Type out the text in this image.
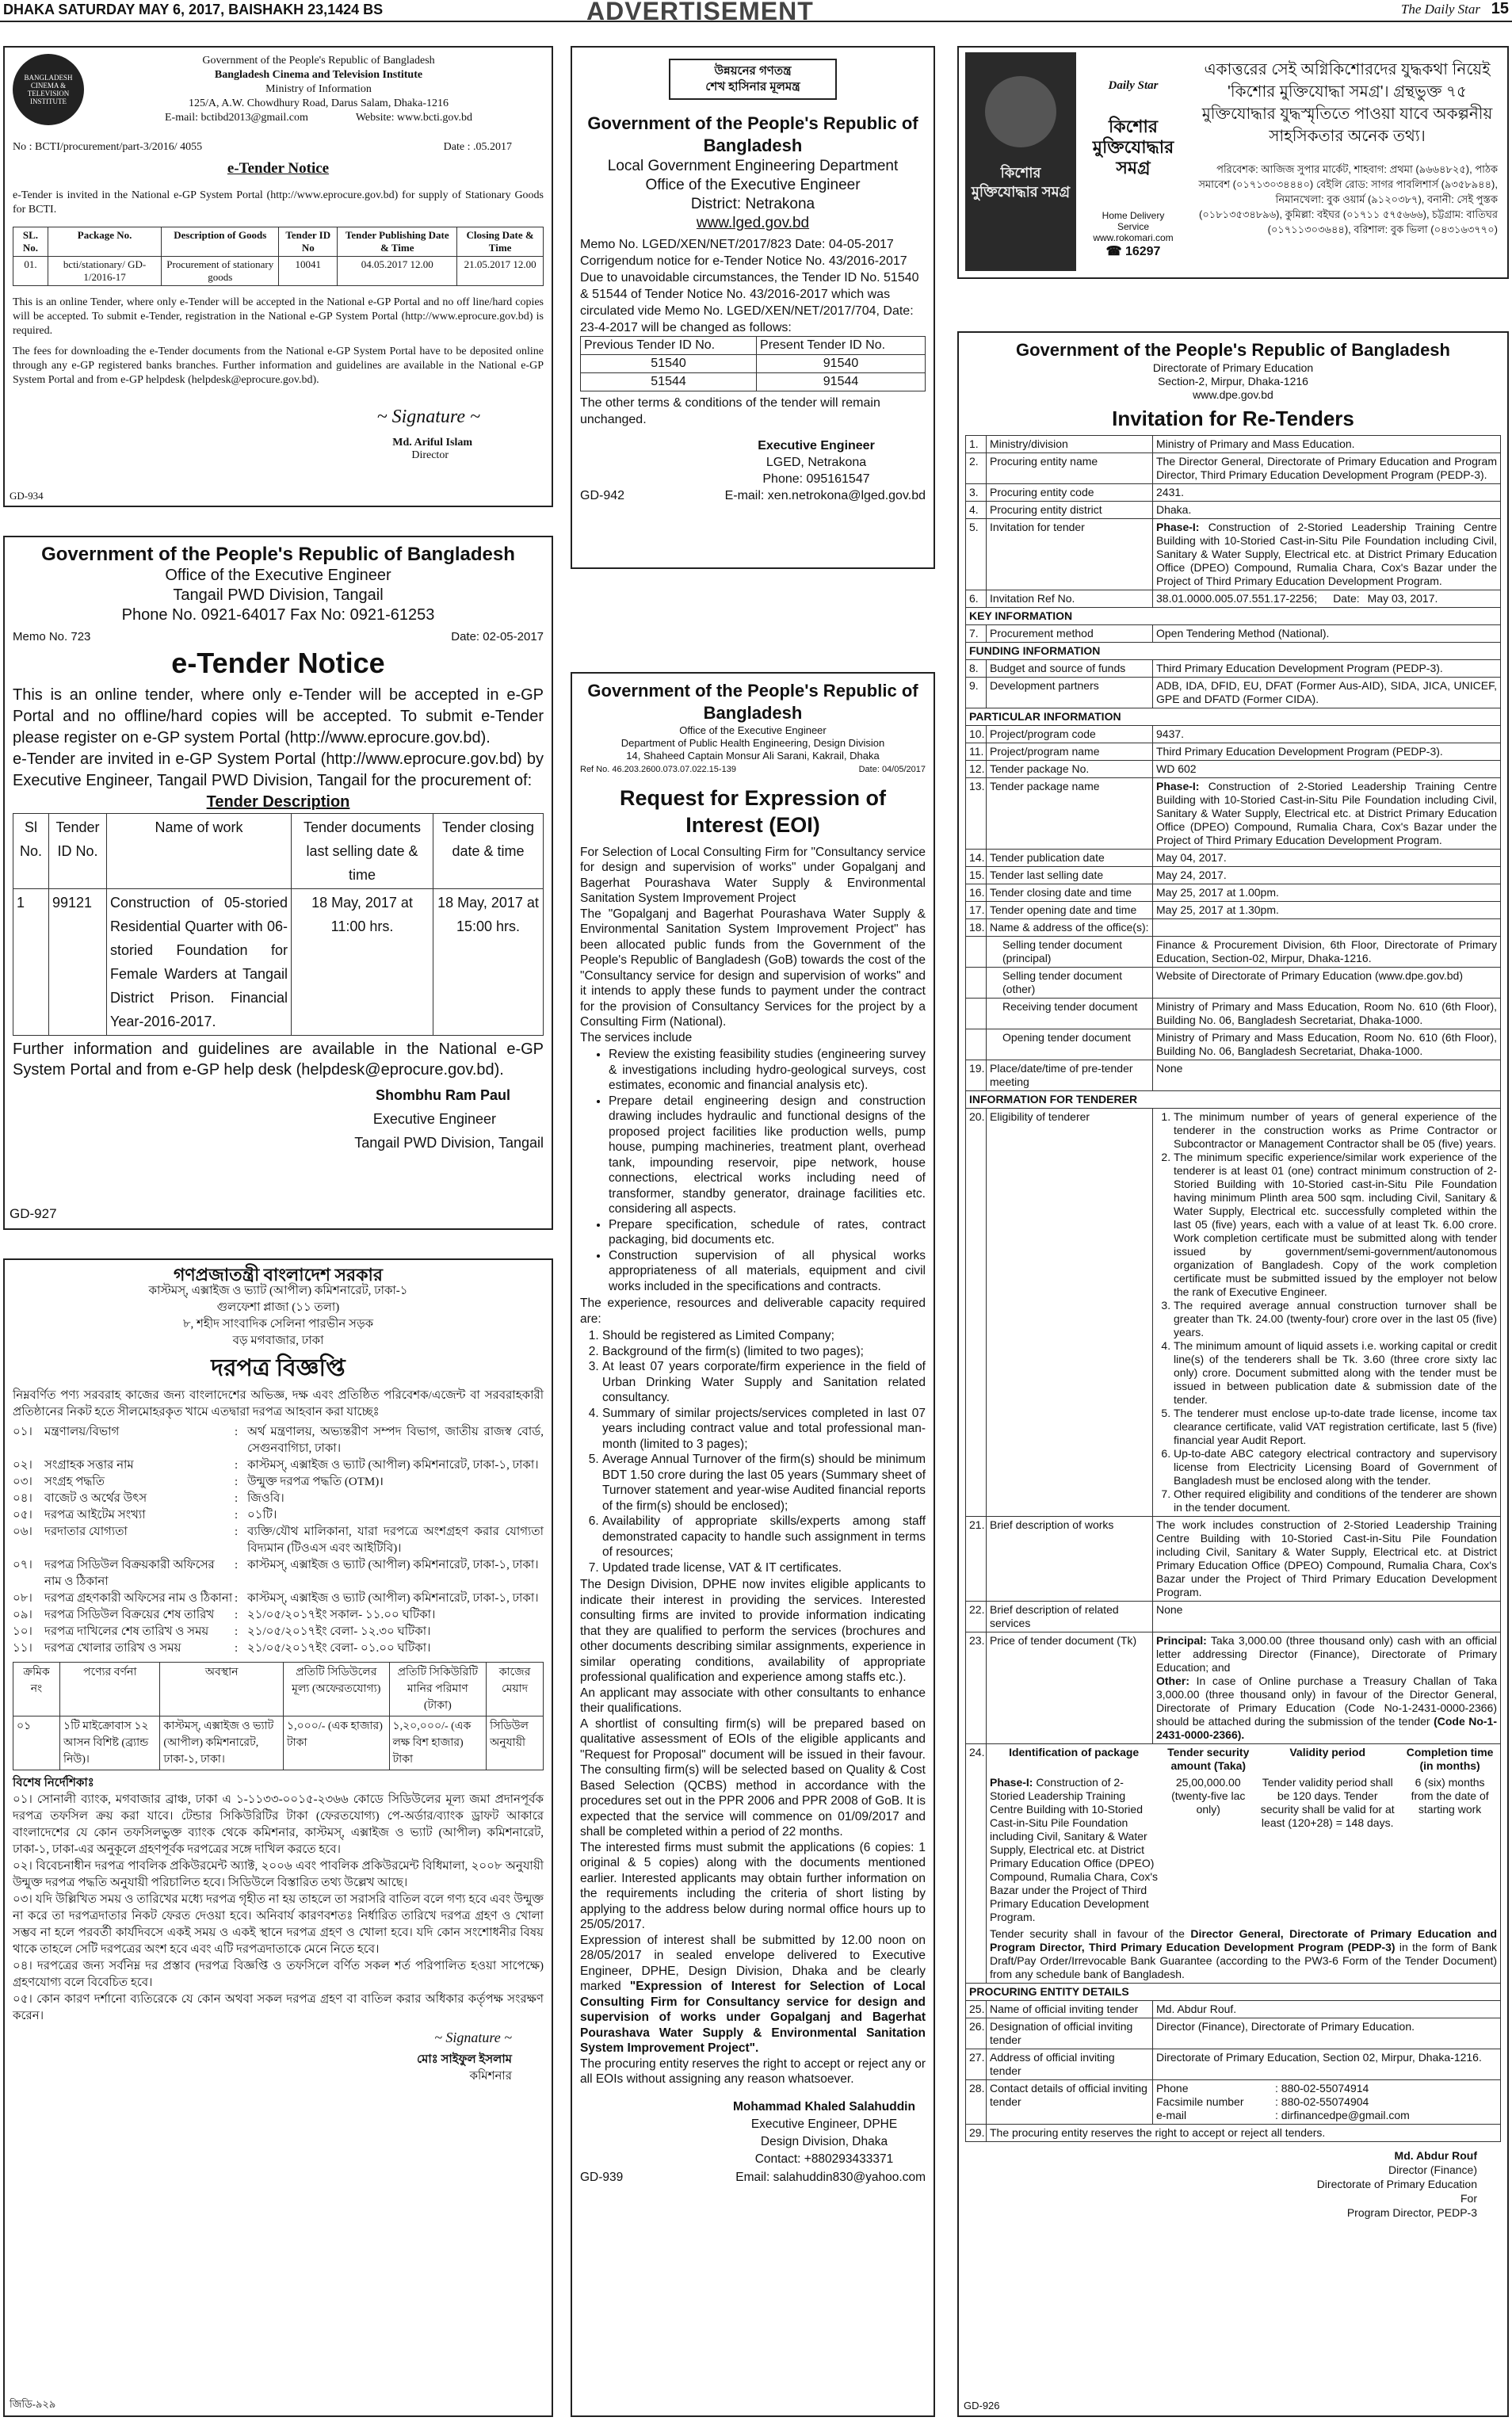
DHAKA SATURDAY MAY 6, 2017, BAISHAKH 23,1424 BS	ADVERTISEMENT	The Daily Star 15
BANGLADESH CINEMA & TELEVISION INSTITUTE
Government of the People's Republic of Bangladesh
Bangladesh Cinema and Television Institute
Ministry of Information
125/A, A.W. Chowdhury Road, Darus Salam, Dhaka-1216
E-mail: bctibd2013@gmail.com	Website: www.bcti.gov.bd
No : BCTI/procurement/part-3/2016/ 4055	Date : .05.2017
e-Tender Notice
e-Tender is invited in the National e-GP System Portal (http://www.eprocure.gov.bd) for supply of Stationary Goods for BCTI.
SL. No.	Package No.	Description of Goods	Tender ID No	Tender Publishing Date & Time	Closing Date & Time
01.	bcti/stationary/ GD-1/2016-17	Procurement of stationary goods	10041	04.05.2017 12.00	21.05.2017 12.00
This is an online Tender, where only e-Tender will be accepted in the National e-GP Portal and no off line/hard copies will be accepted. To submit e-Tender, registration in the National e-GP System Portal (http://www.eprocure.gov.bd) is required.
The fees for downloading the e-Tender documents from the National e-GP System Portal have to be deposited online through any e-GP registered banks branches. Further information and guidelines are available in the National e-GP System Portal and from e-GP helpdesk (helpdesk@eprocure.gov.bd).
~ Signature ~
Md. Ariful Islam
Director
GD-934
Government of the People's Republic of Bangladesh
Office of the Executive Engineer
Tangail PWD Division, Tangail
Phone No. 0921-64017 Fax No: 0921-61253
Memo No. 723	Date: 02-05-2017
e-Tender Notice
This is an online tender, where only e-Tender will be accepted in e-GP Portal and no offline/hard copies will be accepted. To submit e-Tender please register on e-GP system Portal (http://www.eprocure.gov.bd).
e-Tender are invited in e-GP System Portal (http://www.eprocure.gov.bd) by Executive Engineer, Tangail PWD Division, Tangail for the procurement of:
Tender Description
Sl No.	Tender ID No.	Name of work	Tender documents last selling date & time	Tender closing date & time
1	99121	Construction of 05-storied Residential Quarter with 06-storied Foundation for Female Warders at Tangail District Prison. Financial Year-2016-2017.	18 May, 2017 at 11:00 hrs.	18 May, 2017 at 15:00 hrs.
Further information and guidelines are available in the National e-GP System Portal and from e-GP help desk (helpdesk@eprocure.gov.bd).
Shombhu Ram Paul
Executive Engineer
Tangail PWD Division, Tangail
GD-927
গণপ্রজাতন্ত্রী বাংলাদেশ সরকার
কাস্টমস্‌, এক্সাইজ ও ভ্যাট (আপীল) কমিশনারেট, ঢাকা-১
গুলফেশা প্লাজা (১১ তলা)
৮, শহীদ সাংবাদিক সেলিনা পারভীন সড়ক
বড় মগবাজার, ঢাকা
দরপত্র বিজ্ঞপ্তি
নিম্নবর্ণিত পণ্য সরবরাহ কাজের জন্য বাংলাদেশের অভিজ্ঞ, দক্ষ এবং প্রতিষ্ঠিত পরিবেশক/এজেন্ট বা সরবরাহকারী প্রতিষ্ঠানের নিকট হতে সীলমোহরকৃত খামে এতদ্বারা দরপত্র আহবান করা যাচ্ছেঃ
০১।	মন্ত্রণালয়/বিভাগ	: অর্থ মন্ত্রণালয়, অভ্যন্তরীণ সম্পদ বিভাগ, জাতীয় রাজস্ব বোর্ড, সেগুনবাগিচা, ঢাকা।
০২।	সংগ্রাহক সত্তার নাম	: কাস্টমস্‌, এক্সাইজ ও ভ্যাট (আপীল) কমিশনারেট, ঢাকা-১, ঢাকা।
০৩।	সংগ্রহ পদ্ধতি	: উন্মুক্ত দরপত্র পদ্ধতি (OTM)।
০৪।	বাজেট ও অর্থের উৎস	: জিওবি।
০৫।	দরপত্র আইটেম সংখ্যা	: ০১টি।
০৬।	দরদাতার যোগ্যতা	: ব্যক্তি/যৌথ মালিকানা, যারা দরপত্রে অংশগ্রহণ করার যোগ্যতা বিদ্যমান (টিওএস এবং আইটিবি)।
০৭।	দরপত্র সিডিউল বিক্রয়কারী অফিসের নাম ও ঠিকানা
: কাস্টমস্‌, এক্সাইজ ও ভ্যাট (আপীল) কমিশনারেট, ঢাকা-১, ঢাকা।
০৮।	দরপত্র গ্রহণকারী অফিসের নাম ও ঠিকানা : কাস্টমস্‌, এক্সাইজ ও ভ্যাট (আপীল) কমিশনারেট, ঢাকা-১, ঢাকা।
০৯।	দরপত্র সিডিউল বিক্রয়ের শেষ তারিখ	: ২১/০৫/২০১৭ইং সকাল- ১১.০০ ঘটিকা।
১০।	দরপত্র দাখিলের শেষ তারিখ ও সময়	: ২১/০৫/২০১৭ইং বেলা- ১২.৩০ ঘটিকা।
১১।	দরপত্র খোলার তারিখ ও সময়	: ২১/০৫/২০১৭ইং বেলা- ০১.০০ ঘটিকা।
ক্রমিক নং	পণ্যের বর্ণনা	অবস্থান	প্রতিটি সিডিউলের মূল্য (অফেরতযোগ্য)	প্রতিটি সিকিউরিটি মানির পরিমাণ (টাকা)	কাজের মেয়াদ
০১	১টি মাইক্রোবাস ১২ আসন বিশিষ্ট (ব্র্যান্ড নিউ)।	কাস্টমস্‌, এক্সাইজ ও ভ্যাট (আপীল) কমিশনারেট, ঢাকা-১, ঢাকা।	১,০০০/- (এক হাজার) টাকা	১,২০,০০০/- (এক লক্ষ বিশ হাজার) টাকা	সিডিউল অনুযায়ী
বিশেষ নির্দেশিকাঃ
০১। সোনালী ব্যাংক, মগবাজার ব্রাঞ্চ, ঢাকা এ ১-১১৩৩-০০১৫-২৩৬৬ কোডে সিডিউলের মূল্য জমা প্রদানপূর্বক দরপত্র তফসিল ক্রয় করা যাবে। টেন্ডার সিকিউরিটির টাকা (ফেরতযোগ্য) পে-অর্ডার/ব্যাংক ড্রাফট আকারে বাংলাদেশের যে কোন তফসিলভুক্ত ব্যাংক থেকে কমিশনার, কাস্টমস্‌, এক্সাইজ ও ভ্যাট (আপীল) কমিশনারেট, ঢাকা-১, ঢাকা-এর অনুকূলে গ্রহণপূর্বক দরপত্রের সঙ্গে দাখিল করতে হবে।
০২। বিবেচনাধীন দরপত্র পাবলিক প্রকিউরমেন্ট অ্যাক্ট, ২০০৬ এবং পাবলিক প্রকিউরমেন্ট বিধিমালা, ২০০৮ অনুযায়ী উন্মুক্ত দরপত্র পদ্ধতি অনুযায়ী পরিচালিত হবে। সিডিউলে বিস্তারিত তথ্য উল্লেখ আছে।
০৩। যদি উল্লিখিত সময় ও তারিখের মধ্যে দরপত্র গৃহীত না হয় তাহলে তা সরাসরি বাতিল বলে গণ্য হবে এবং উন্মুক্ত না করে তা দরপত্রদাতার নিকট ফেরত দেওয়া হবে। অনিবার্য কারণবশতঃ নির্ধারিত তারিখে দরপত্র গ্রহণ ও খোলা সম্ভব না হলে পরবর্তী কার্যদিবসে একই সময় ও একই স্থানে দরপত্র গ্রহণ ও খোলা হবে। যদি কোন সংশোধনীর বিষয় থাকে তাহলে সেটি দরপত্রের অংশ হবে এবং এটি দরপত্রদাতাকে মেনে নিতে হবে।
০৪। দরপত্রের জন্য সর্বনিম্ন দর প্রস্তাব (দরপত্র বিজ্ঞপ্তি ও তফসিলে বর্ণিত সকল শর্ত পরিপালিত হওয়া সাপেক্ষে) গ্রহণযোগ্য বলে বিবেচিত হবে।
০৫। কোন কারণ দর্শানো ব্যতিরেকে যে কোন অথবা সকল দরপত্র গ্রহণ বা বাতিল করার অধিকার কর্তৃপক্ষ সংরক্ষণ করেন।
~ Signature ~
মোঃ সাইফুল ইসলাম
কমিশনার
জিডি-৯২৯
উন্নয়নের গণতন্ত্র
শেখ হাসিনার মূলমন্ত্র
Government of the People's Republic of Bangladesh
Local Government Engineering Department
Office of the Executive Engineer
District: Netrakona
www.lged.gov.bd
Memo No. LGED/XEN/NET/2017/823 Date: 04-05-2017
Corrigendum notice for e-Tender Notice No. 43/2016-2017 Due to unavoidable circumstances, the Tender ID No. 51540 & 51544 of Tender Notice No. 43/2016-2017 which was circulated vide Memo No. LGED/XEN/NET/2017/704, Date: 23-4-2017 will be changed as follows:
Previous Tender ID No.	Present Tender ID No.
51540	91540
51544	91544
The other terms & conditions of the tender will remain unchanged.
Executive Engineer
LGED, Netrakona
Phone: 095161547
GD-942	E-mail: xen.netrokona@lged.gov.bd
Government of the People's Republic of Bangladesh
Office of the Executive Engineer
Department of Public Health Engineering, Design Division
14, Shaheed Captain Monsur Ali Sarani, Kakrail, Dhaka
Ref No. 46.203.2600.073.07.022.15-139	Date: 04/05/2017
Request for Expression of Interest (EOI)
For Selection of Local Consulting Firm for "Consultancy service for design and supervision of works" under Gopalganj and Bagerhat Pourashava Water Supply & Environmental Sanitation System Improvement Project
The "Gopalganj and Bagerhat Pourashava Water Supply & Environmental Sanitation System Improvement Project" has been allocated public funds from the Government of the People's Republic of Bangladesh (GoB) towards the cost of the "Consultancy service for design and supervision of works" and it intends to apply these funds to payment under the contract for the provision of Consultancy Services for the project by a Consulting Firm (National).
The services include
• Review the existing feasibility studies (engineering survey & investigations including hydro-geological surveys, cost estimates, economic and financial analysis etc).
• Prepare detail engineering design and construction drawing includes hydraulic and functional designs of the proposed project facilities like production wells, pump house, pumping machineries, treatment plant, overhead tank, impounding reservoir, pipe network, house connections, electrical works including need of transformer, standby generator, drainage facilities etc. considering all aspects.
• Prepare specification, schedule of rates, contract packaging, bid documents etc.
• Construction supervision of all physical works appropriateness of all materials, equipment and civil works included in the specifications and contracts.
The experience, resources and deliverable capacity required are:
1. Should be registered as Limited Company;
2. Background of the firm(s) (limited to two pages);
3. At least 07 years corporate/firm experience in the field of Urban Drinking Water Supply and Sanitation related consultancy.
4. Summary of similar projects/services completed in last 07 years including contract value and total professional man-month (limited to 3 pages);
5. Average Annual Turnover of the firm(s) should be minimum BDT 1.50 crore during the last 05 years (Summary sheet of Turnover statement and year-wise Audited financial reports of the firm(s) should be enclosed);
6. Availability of appropriate skills/experts among staff demonstrated capacity to handle such assignment in terms of resources;
7. Updated trade license, VAT & IT certificates.
The Design Division, DPHE now invites eligible applicants to indicate their interest in providing the services. Interested consulting firms are invited to provide information indicating that they are qualified to perform the services (brochures and other documents describing similar assignments, experience in similar operating conditions, availability of appropriate professional qualification and experience among staffs etc.).
An applicant may associate with other consultants to enhance their qualifications.
A shortlist of consulting firm(s) will be prepared based on qualitative assessment of EOIs of the eligible applicants and "Request for Proposal" document will be issued in their favour. The consulting firm(s) will be selected based on Quality & Cost Based Selection (QCBS) method in accordance with the procedures set out in the PPR 2006 and PPR 2008 of GoB. It is expected that the service will commence on 01/09/2017 and shall be completed within a period of 22 months.
The interested firms must submit the applications (6 copies: 1 original & 5 copies) along with the documents mentioned earlier. Interested applicants may obtain further information on the requirements including the criteria of short listing by applying to the address below during normal office hours up to 25/05/2017.
Expression of interest shall be submitted by 12.00 noon on 28/05/2017 in sealed envelope delivered to Executive Engineer, DPHE, Design Division, Dhaka and be clearly marked "Expression of Interest for Selection of Local Consulting Firm for Consultancy service for design and supervision of works under Gopalganj and Bagerhat Pourashava Water Supply & Environmental Sanitation System Improvement Project".
The procuring entity reserves the right to accept or reject any or all EOIs without assigning any reason whatsoever.
Mohammad Khaled Salahuddin
Executive Engineer, DPHE
Design Division, Dhaka
Contact: +880293433371
GD-939	Email: salahuddin830@yahoo.com
কিশোর মুক্তিযোদ্ধার সমগ্র
Daily Star
কিশোর মুক্তিযোদ্ধার সমগ্র
Home Delivery Service
www.rokomari.com
☎ 16297
একাত্তরের সেই অগ্নিকিশোরদের যুদ্ধকথা নিয়েই 'কিশোর মুক্তিযোদ্ধা সমগ্র'। গ্রন্থভুক্ত ৭৫ মুক্তিযোদ্ধার যুদ্ধস্মৃতিতে পাওয়া যাবে অকল্পনীয় সাহসিকতার অনেক তথ্য।
পরিবেশক: আজিজ সুপার মার্কেট, শাহবাগ: প্রথমা (৯৬৬৪৮২৫), পাঠক সমাবেশ (০১৭১৩০৩৪৪৪০) বেইলি রোড: সাগর পাবলিশার্স (৯৩৫৮৯৪৪), নিমানখেলা: বুক ওয়ার্ম (৯১২০৩৮৭), বনানী: সেই পুস্তক (০১৮১৩৫৩৪৮৯৬), কুমিল্লা: বইঘর (০১৭১১ ৫৭৫৬৬৬), চট্টগ্রাম: বাতিঘর (০১৭১১৩০৩৬৪৪), বরিশাল: বুক ভিলা (০৪৩১৬৩৭৭০)
Government of the People's Republic of Bangladesh
Directorate of Primary Education
Section-2, Mirpur, Dhaka-1216
www.dpe.gov.bd
Invitation for Re-Tenders
1.	Ministry/division	Ministry of Primary and Mass Education.
2.	Procuring entity name	The Director General, Directorate of Primary Education and Program Director, Third Primary Education Development Program (PEDP-3).
3.	Procuring entity code	2431.
4.	Procuring entity district	Dhaka.
5.	Invitation for tender	Phase-I: Construction of 2-Storied Leadership Training Centre Building with 10-Storied Cast-in-Situ Pile Foundation including Civil, Sanitary & Water Supply, Electrical etc. at District Primary Education Office (DPEO) Compound, Rumalia Chara, Cox's Bazar under the Project of Third Primary Education Development Program.
6.	Invitation Ref No.	38.01.0000.005.07.551.17-2256; Date: May 03, 2017.
KEY INFORMATION
7.	Procurement method	Open Tendering Method (National).
FUNDING INFORMATION
8.	Budget and source of funds	Third Primary Education Development Program (PEDP-3).
9.	Development partners	ADB, IDA, DFID, EU, DFAT (Former Aus-AID), SIDA, JICA, UNICEF, GPE and DFATD (Former CIDA).
PARTICULAR INFORMATION
10.	Project/program code	9437.
11.	Project/program name	Third Primary Education Development Program (PEDP-3).
12.	Tender package No.	WD 602
13.	Tender package name	Phase-I: Construction of 2-Storied Leadership Training Centre Building with 10-Storied Cast-in-Situ Pile Foundation including Civil, Sanitary & Water Supply, Electrical etc. at District Primary Education Office (DPEO) Compound, Rumalia Chara, Cox's Bazar under the Project of Third Primary Education Development Program.
14.	Tender publication date	May 04, 2017.
15.	Tender last selling date	May 24, 2017.
16.	Tender closing date and time	May 25, 2017 at 1.00pm.
17.	Tender opening date and time	May 25, 2017 at 1.30pm.
18.	Name & address of the office(s):	
	Selling tender document (principal)	Finance & Procurement Division, 6th Floor, Directorate of Primary Education, Section-02, Mirpur, Dhaka-1216.
	Selling tender document (other)	Website of Directorate of Primary Education (www.dpe.gov.bd)
	Receiving tender document	Ministry of Primary and Mass Education, Room No. 610 (6th Floor), Building No. 06, Bangladesh Secretariat, Dhaka-1000.
	Opening tender document	Ministry of Primary and Mass Education, Room No. 610 (6th Floor), Building No. 06, Bangladesh Secretariat, Dhaka-1000.
19.	Place/date/time of pre-tender meeting	None
INFORMATION FOR TENDERER
20.	Eligibility of tenderer	
1.The minimum number of years of general experience of the tenderer in the construction works as Prime Contractor or Subcontractor or Management Contractor shall be 05 (five) years.
2. The minimum specific experience/similar work experience of the tenderer is at least 01 (one) contract minimum construction of 2-Storied Building with 10-Storied cast-in-Situ Pile Foundation having minimum Plinth area 500 sqm. including Civil, Sanitary & Water Supply, Electrical etc. successfully completed within the last 05 (five) years, each with a value of at least Tk. 6.00 crore. Work completion certificate must be submitted along with tender issued by government/semi-government/autonomous organization of Bangladesh. Copy of the work completion certificate must be submitted issued by the employer not below the rank of Executive Engineer.
3. The required average annual construction turnover shall be greater than Tk. 24.00 (twenty-four) crore over in the last 05 (five) years.
4. The minimum amount of liquid assets i.e. working capital or credit line(s) of the tenderers shall be Tk. 3.60 (three crore sixty lac only) crore. Document submitted along with the tender must be issued in between publication date & submission date of the tender.
5. The tenderer must enclose up-to-date trade license, income tax clearance certificate, valid VAT registration certificate, last 5 (five) financial year Audit Report.
6. Up-to-date ABC category electrical contractory and supervisory license from Electricity Licensing Board of Government of Bangladesh must be enclosed along with the tender.
7. Other required eligibility and conditions of the tenderer are shown in the tender document.

21.	Brief description of works	The work includes construction of 2-Storied Leadership Training Centre Building with 10-Storied Cast-in-Situ Pile Foundation including Civil, Sanitary & Water Supply, Electrical etc. at District Primary Education Office (DPEO) Compound, Rumalia Chara, Cox's Bazar under the Project of Third Primary Education Development Program.
22.	Brief description of related services	None
23.	Price of tender document (Tk)	Principal: Taka 3,000.00 (three thousand only) cash with an official letter addressing Director (Finance), Directorate of Primary Education; and
Other: In case of Online purchase a Treasury Challan of Taka 3,000.00 (three thousand only) in favour of the Director General, Directorate of Primary Education (Code No-1-2431-0000-2366) should be attached during the submission of the tender (Code No-1-2431-0000-2366).
24.	Identification of package	Tender security amount (Taka)	Validity period	Completion time (in months)
Phase-I: Construction of 2-Storied Leadership Training Centre Building with 10-Storied Cast-in-Situ Pile Foundation including Civil, Sanitary & Water Supply, Electrical etc. at District Primary Education Office (DPEO) Compound, Rumalia Chara, Cox's Bazar under the Project of Third Primary Education Development Program.	25,00,000.00 (twenty-five lac only)	Tender validity period shall be 120 days. Tender security shall be valid for at least (120+28) = 148 days.	6 (six) months from the date of starting work
Tender security shall in favour of the Director General, Directorate of Primary Education and Program Director, Third Primary Education Development Program (PEDP-3) in the form of Bank Draft/Pay Order/Irrevocable Bank Guarantee (according to the PW3-6 Form of the Tender Document) from any schedule bank of Bangladesh.

PROCURING ENTITY DETAILS
25.	Name of official inviting tender	Md. Abdur Rouf.
26.	Designation of official inviting tender	Director (Finance), Directorate of Primary Education.
27.	Address of official inviting tender	Directorate of Primary Education, Section 02, Mirpur, Dhaka-1216.
28.	Contact details of official inviting tender	
Phone	: 880-02-55074914
Facsimile number	: 880-02-55074904
e-mail	: dirfinancedpe@gmail.com

29.	The procuring entity reserves the right to accept or reject all tenders.
Md. Abdur Rouf
Director (Finance)
Directorate of Primary Education
For
Program Director, PEDP-3
GD-926
